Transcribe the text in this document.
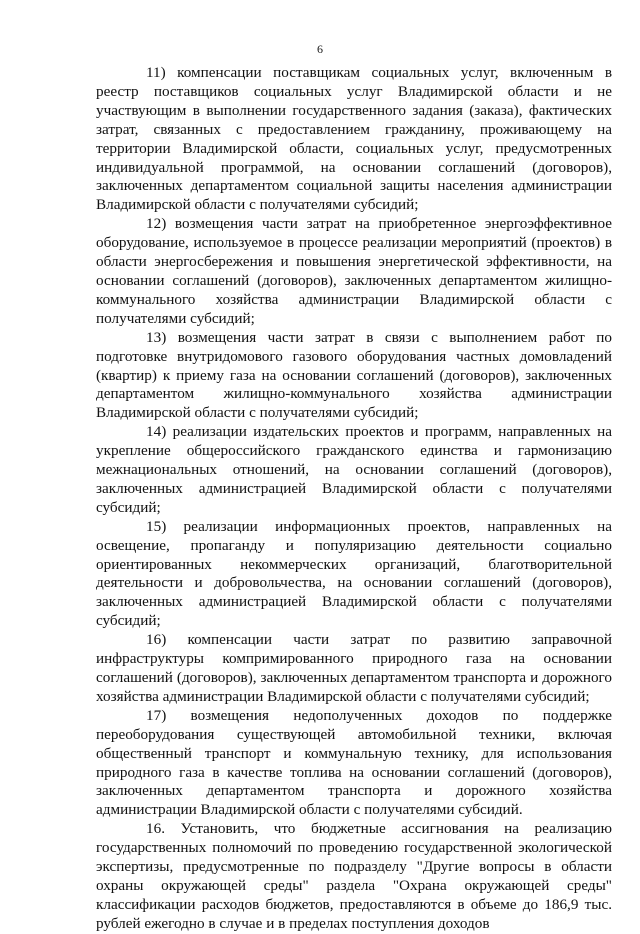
6

11) компенсации поставщикам социальных услуг, включенным в реестр поставщиков социальных услуг Владимирской области и не участвующим в выполнении государственного задания (заказа), фактических затрат, связанных с предоставлением гражданину, проживающему на территории Владимирской области, социальных услуг, предусмотренных индивидуальной программой, на основании соглашений (договоров), заключенных департаментом социальной защиты населения администрации Владимирской области с получателями субсидий;

12) возмещения части затрат на приобретенное энергоэффективное оборудование, используемое в процессе реализации мероприятий (проектов) в области энергосбережения и повышения энергетической эффективности, на основании соглашений (договоров), заключенных департаментом жилищно-коммунального хозяйства администрации Владимирской области с получателями субсидий;

13) возмещения части затрат в связи с выполнением работ по подготовке внутридомового газового оборудования частных домовладений (квартир) к приему газа на основании соглашений (договоров), заключенных департаментом жилищно-коммунального хозяйства администрации Владимирской области с получателями субсидий;

14) реализации издательских проектов и программ, направленных на укрепление общероссийского гражданского единства и гармонизацию межнациональных отношений, на основании соглашений (договоров), заключенных администрацией Владимирской области с получателями субсидий;

15) реализации информационных проектов, направленных на освещение, пропаганду и популяризацию деятельности социально ориентированных некоммерческих организаций, благотворительной деятельности и добровольчества, на основании соглашений (договоров), заключенных администрацией Владимирской области с получателями субсидий;

16) компенсации части затрат по развитию заправочной инфраструктуры компримированного природного газа на основании соглашений (договоров), заключенных департаментом транспорта и дорожного хозяйства администрации Владимирской области с получателями субсидий;

17) возмещения недополученных доходов по поддержке переоборудования существующей автомобильной техники, включая общественный транспорт и коммунальную технику, для использования природного газа в качестве топлива на основании соглашений (договоров), заключенных департаментом транспорта и дорожного хозяйства администрации Владимирской области с получателями субсидий.

16. Установить, что бюджетные ассигнования на реализацию государственных полномочий по проведению государственной экологической экспертизы, предусмотренные по подразделу "Другие вопросы в области охраны окружающей среды" раздела "Охрана окружающей среды" классификации расходов бюджетов, предоставляются в объеме до 186,9 тыс. рублей ежегодно в случае и в пределах поступления доходов
